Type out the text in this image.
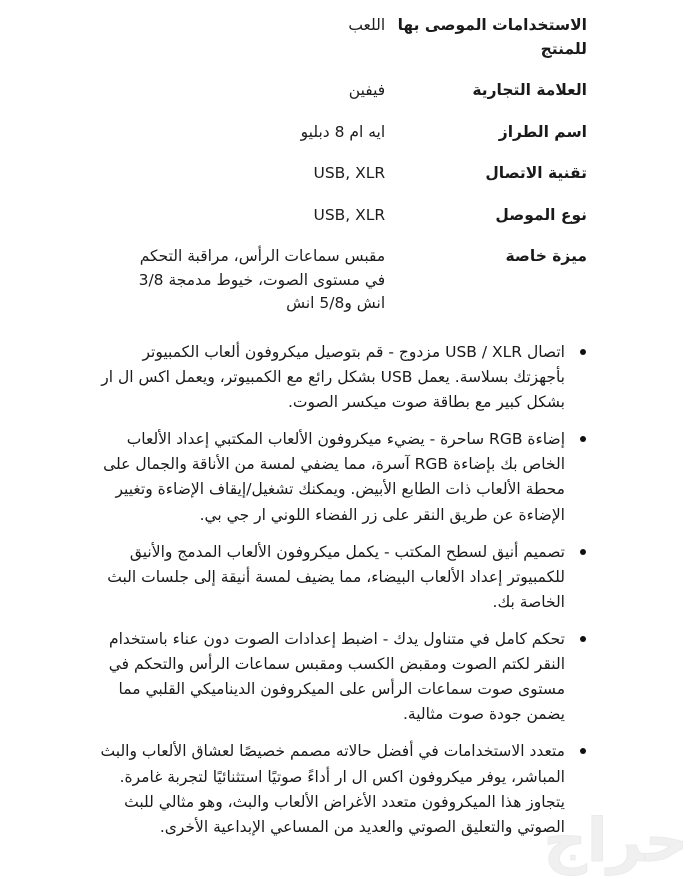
الاستخدامات الموصى بها للمنتج	اللعب
العلامة التجارية	فيفين
اسم الطراز	ايه ام 8 دبليو
تقنية الاتصال	USB, XLR
نوع الموصل	USB, XLR
ميزة خاصة	مقبس سماعات الرأس، مراقبة التحكم في مستوى الصوت، خيوط مدمجة 3/8 انش و5/8 انش
اتصال USB / XLR مزدوج - قم بتوصيل ميكروفون ألعاب الكمبيوتر بأجهزتك بسلاسة. يعمل USB بشكل رائع مع الكمبيوتر، ويعمل اكس ال ار بشكل كبير مع بطاقة صوت ميكسر الصوت.
إضاءة RGB ساحرة - يضيء ميكروفون الألعاب المكتبي إعداد الألعاب الخاص بك بإضاءة RGB آسرة، مما يضفي لمسة من الأناقة والجمال على محطة الألعاب ذات الطابع الأبيض. ويمكنك تشغيل/إيقاف الإضاءة وتغيير الإضاءة عن طريق النقر على زر الفضاء اللوني ار جي بي.
تصميم أنيق لسطح المكتب - يكمل ميكروفون الألعاب المدمج والأنيق للكمبيوتر إعداد الألعاب البيضاء، مما يضيف لمسة أنيقة إلى جلسات البث الخاصة بك.
تحكم كامل في متناول يدك - اضبط إعدادات الصوت دون عناء باستخدام النقر لكتم الصوت ومقبض الكسب ومقبس سماعات الرأس والتحكم في مستوى صوت سماعات الرأس على الميكروفون الديناميكي القلبي مما يضمن جودة صوت مثالية.
متعدد الاستخدامات في أفضل حالاته مصمم خصيصًا لعشاق الألعاب والبث المباشر، يوفر ميكروفون اكس ال ار أداءً صوتيًا استثنائيًا لتجربة غامرة. يتجاوز هذا الميكروفون متعدد الأغراض الألعاب والبث، وهو مثالي للبث الصوتي والتعليق الصوتي والعديد من المساعي الإبداعية الأخرى.
حراج
